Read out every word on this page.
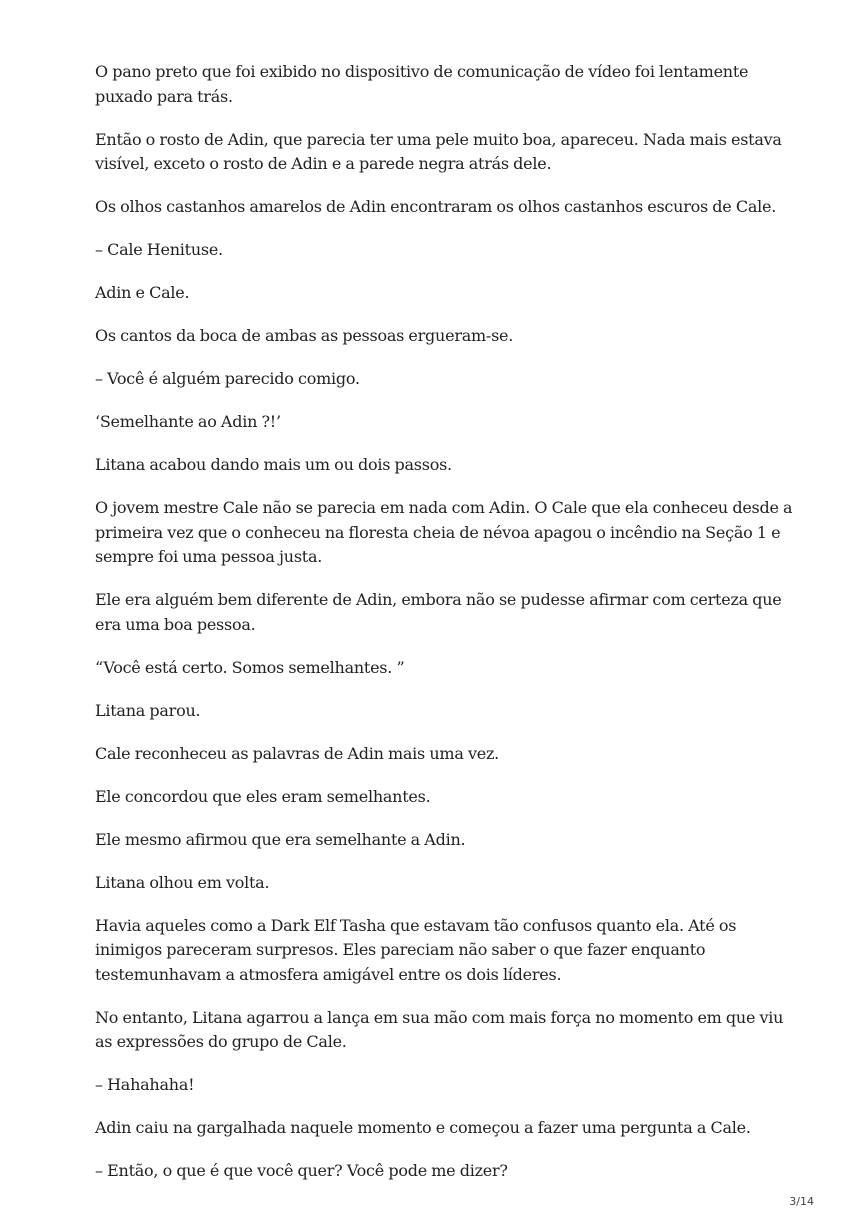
O pano preto que foi exibido no dispositivo de comunicação de vídeo foi lentamente puxado para trás.

Então o rosto de Adin, que parecia ter uma pele muito boa, apareceu. Nada mais estava visível, exceto o rosto de Adin e a parede negra atrás dele.

Os olhos castanhos amarelos de Adin encontraram os olhos castanhos escuros de Cale.

– Cale Henituse.

Adin e Cale.

Os cantos da boca de ambas as pessoas ergueram-se.

– Você é alguém parecido comigo.

‘Semelhante ao Adin ?!’

Litana acabou dando mais um ou dois passos.

O jovem mestre Cale não se parecia em nada com Adin. O Cale que ela conheceu desde a primeira vez que o conheceu na floresta cheia de névoa apagou o incêndio na Seção 1 e sempre foi uma pessoa justa.

Ele era alguém bem diferente de Adin, embora não se pudesse afirmar com certeza que era uma boa pessoa.

“Você está certo. Somos semelhantes. ”

Litana parou.

Cale reconheceu as palavras de Adin mais uma vez.

Ele concordou que eles eram semelhantes.

Ele mesmo afirmou que era semelhante a Adin.

Litana olhou em volta.

Havia aqueles como a Dark Elf Tasha que estavam tão confusos quanto ela. Até os inimigos pareceram surpresos. Eles pareciam não saber o que fazer enquanto testemunhavam a atmosfera amigável entre os dois líderes.

No entanto, Litana agarrou a lança em sua mão com mais força no momento em que viu as expressões do grupo de Cale.

– Hahahaha!

Adin caiu na gargalhada naquele momento e começou a fazer uma pergunta a Cale.

– Então, o que é que você quer? Você pode me dizer?

3/14
